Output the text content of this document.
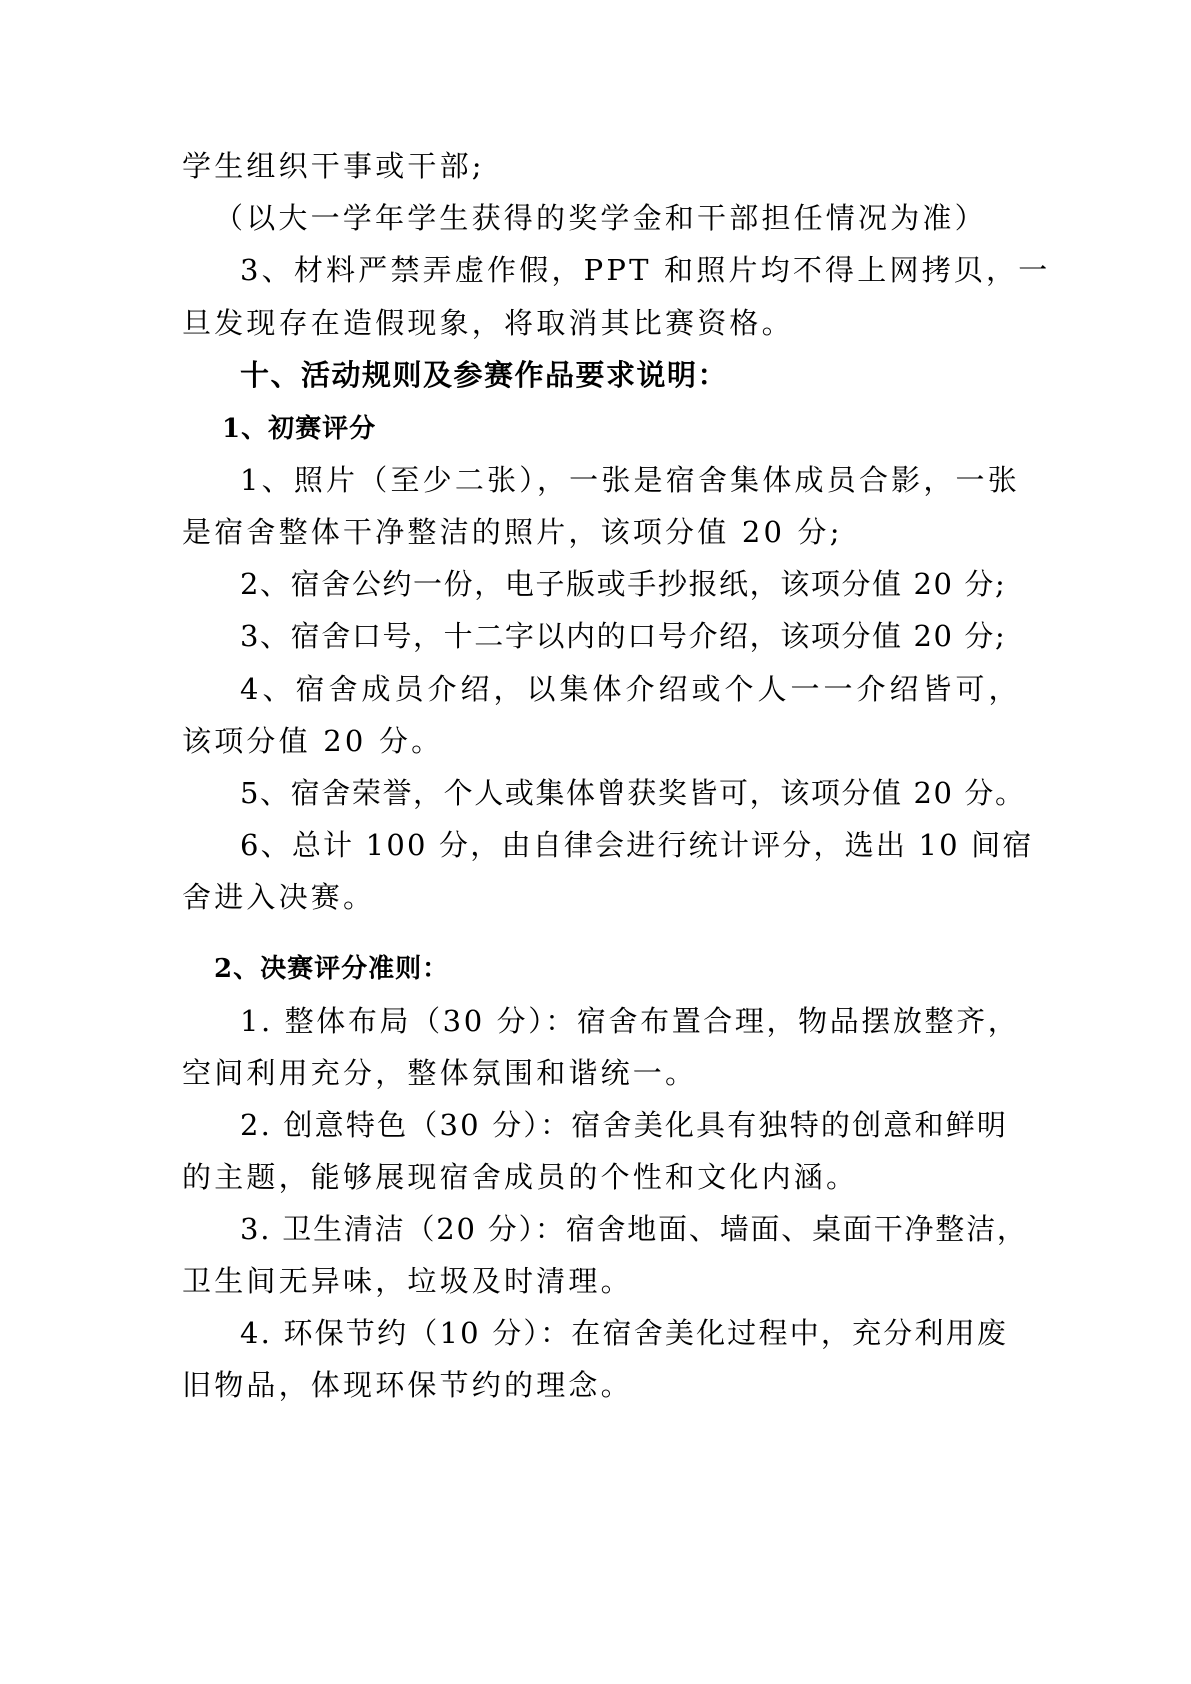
学生组织干事或干部;
（以大一学年学生获得的奖学金和干部担任情况为准）
3、材料严禁弄虚作假，PPT 和照片均不得上网拷贝，一
旦发现存在造假现象，将取消其比赛资格。
十、活动规则及参赛作品要求说明：
1、初赛评分
1、照片（至少二张），一张是宿舍集体成员合影，一张
是宿舍整体干净整洁的照片，该项分值 20 分;
2、宿舍公约一份，电子版或手抄报纸，该项分值 20 分;
3、宿舍口号，十二字以内的口号介绍，该项分值 20 分;
4、宿舍成员介绍，以集体介绍或个人一一介绍皆可，
该项分值 20 分。
5、宿舍荣誉，个人或集体曾获奖皆可，该项分值 20 分。
6、总计 100 分，由自律会进行统计评分，选出 10 间宿
舍进入决赛。
2、决赛评分准则：
1. 整体布局（30 分）：宿舍布置合理，物品摆放整齐，
空间利用充分，整体氛围和谐统一。
2. 创意特色（30 分）：宿舍美化具有独特的创意和鲜明
的主题，能够展现宿舍成员的个性和文化内涵。
3. 卫生清洁（20 分）：宿舍地面、墙面、桌面干净整洁，
卫生间无异味，垃圾及时清理。
4. 环保节约（10 分）：在宿舍美化过程中，充分利用废
旧物品，体现环保节约的理念。
